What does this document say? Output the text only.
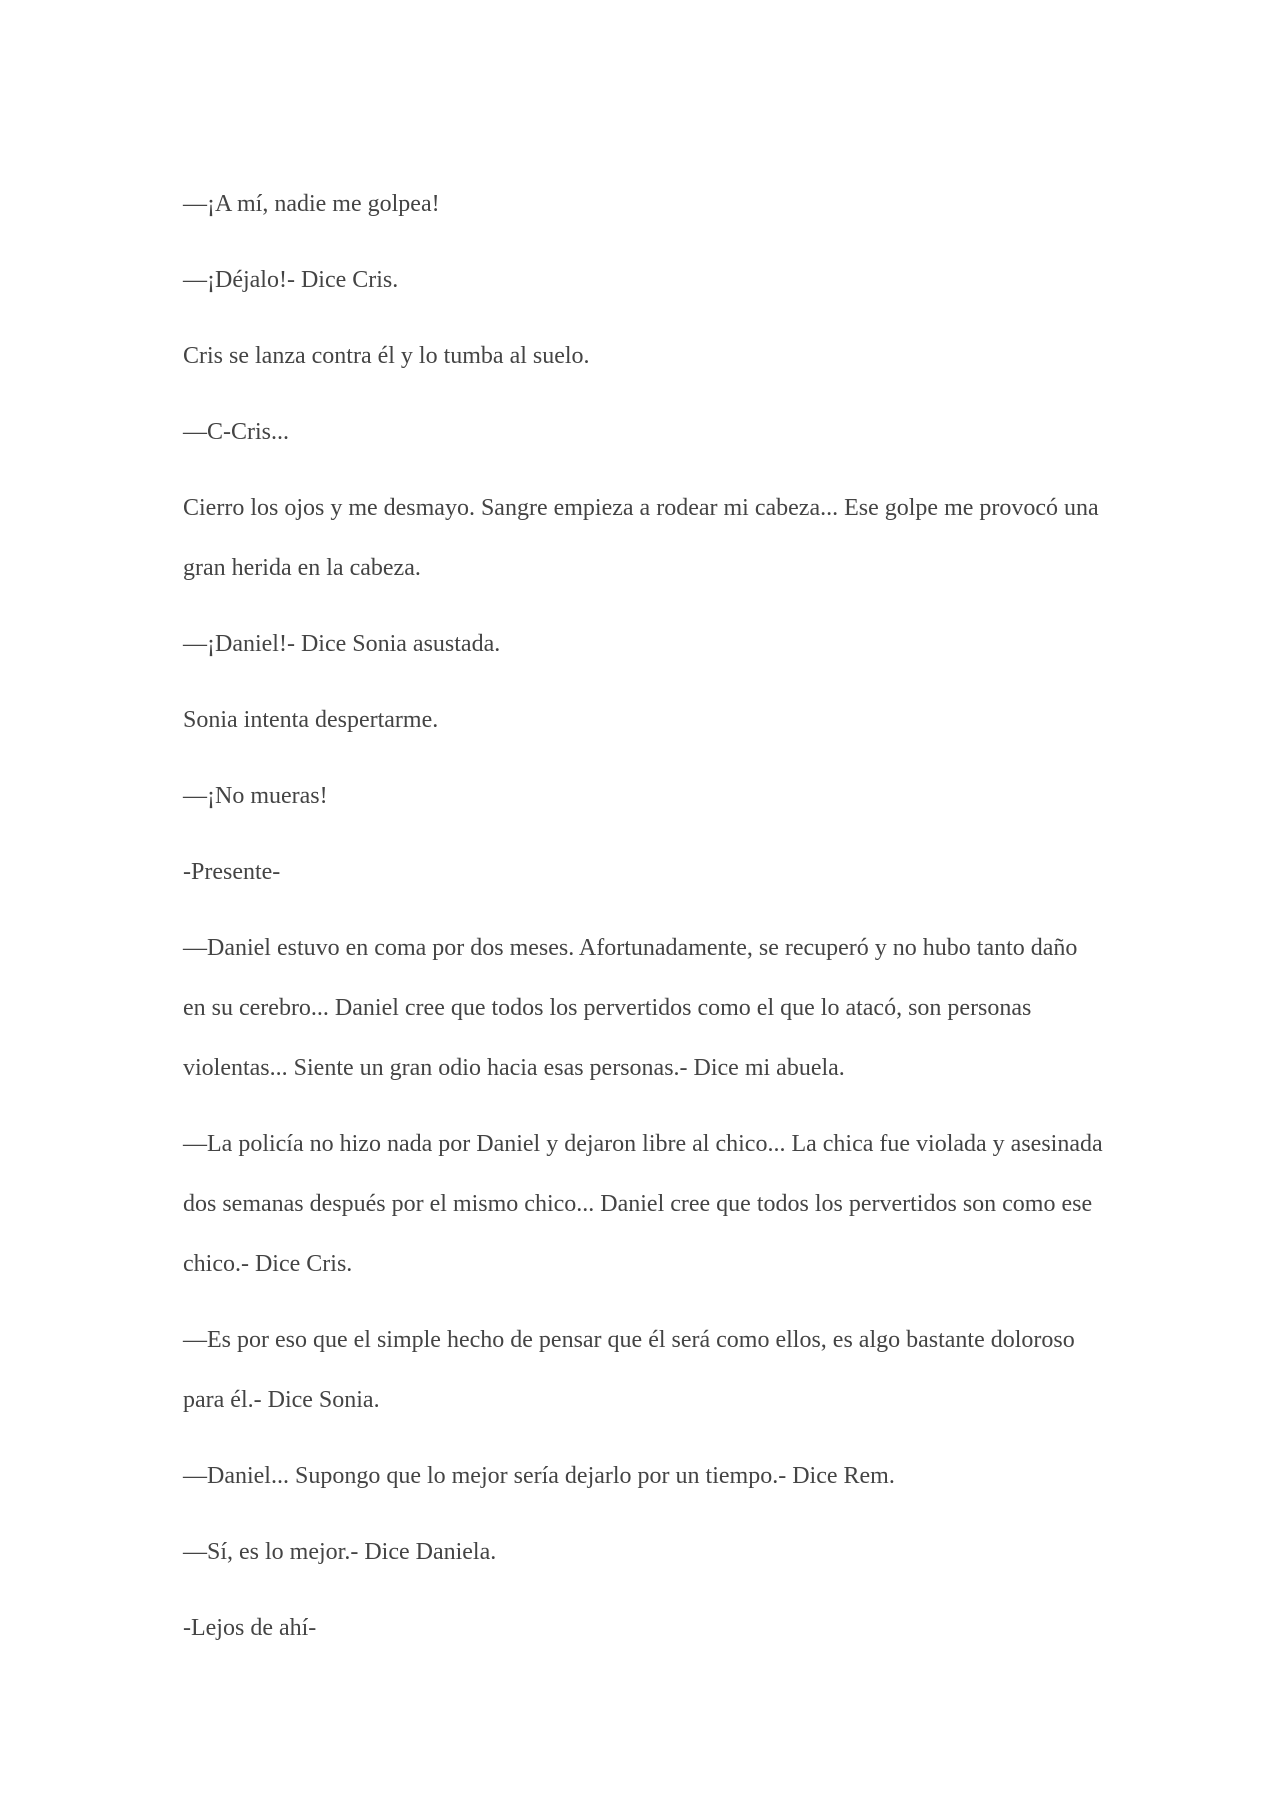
—¡A mí, nadie me golpea!

—¡Déjalo!- Dice Cris.

Cris se lanza contra él y lo tumba al suelo.

—C-Cris...

Cierro los ojos y me desmayo. Sangre empieza a rodear mi cabeza... Ese golpe me provocó una gran herida en la cabeza.

—¡Daniel!- Dice Sonia asustada.

Sonia intenta despertarme.

—¡No mueras!

-Presente-

—Daniel estuvo en coma por dos meses. Afortunadamente, se recuperó y no hubo tanto daño en su cerebro... Daniel cree que todos los pervertidos como el que lo atacó, son personas violentas... Siente un gran odio hacia esas personas.- Dice mi abuela.

—La policía no hizo nada por Daniel y dejaron libre al chico... La chica fue violada y asesinada dos semanas después por el mismo chico... Daniel cree que todos los pervertidos son como ese chico.- Dice Cris.

—Es por eso que el simple hecho de pensar que él será como ellos, es algo bastante doloroso para él.- Dice Sonia.

—Daniel... Supongo que lo mejor sería dejarlo por un tiempo.- Dice Rem.

—Sí, es lo mejor.- Dice Daniela.

-Lejos de ahí-
